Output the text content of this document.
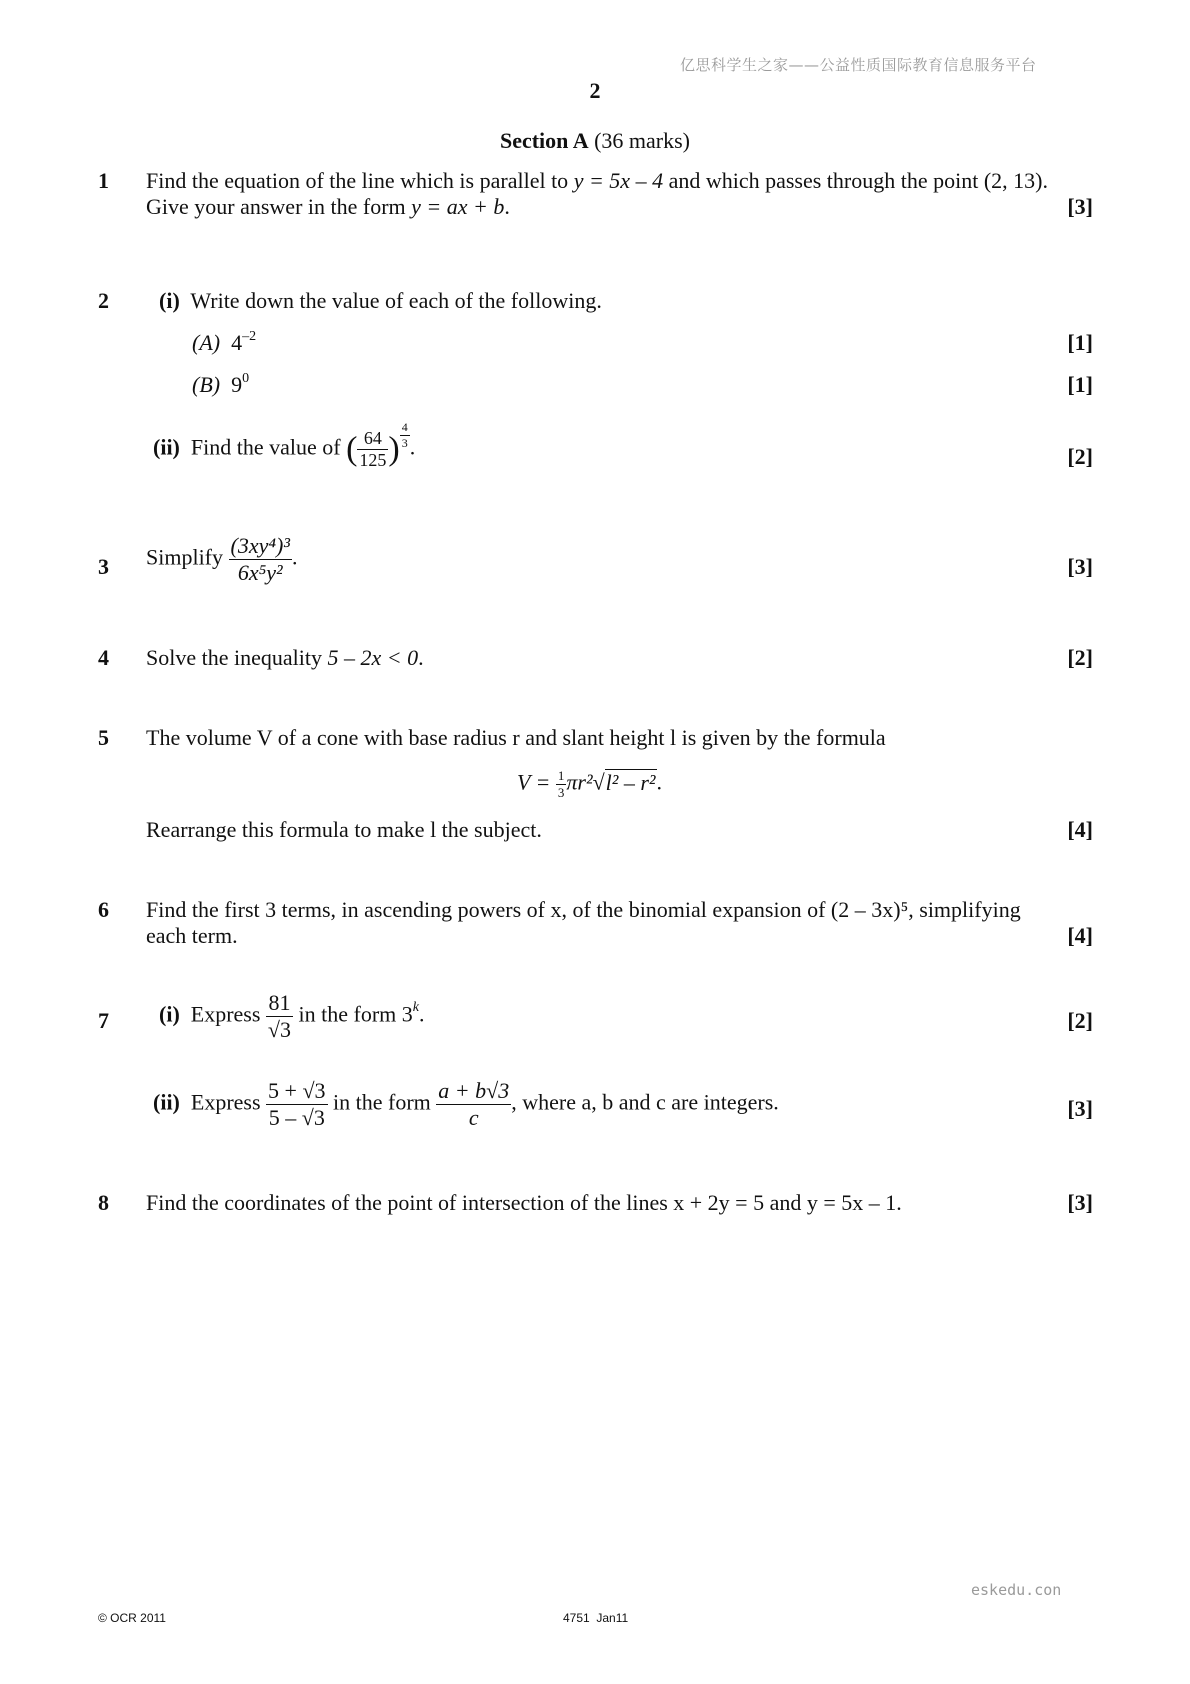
亿思科学生之家——公益性质国际教育信息服务平台
2
Section A (36 marks)
1 Find the equation of the line which is parallel to y = 5x – 4 and which passes through the point (2, 13).
Give your answer in the form y = ax + b.	[3]
2 (i) Write down the value of each of the following.
(A) $4^{-2}$	[1]
(B) $9^0$	[1]
(ii) Find the value of ( $\frac{64}{125}$ ) $\frac{4}{3}$ .	[2]
3 Simplify $\frac{\text{(3xy⁴)³}}{\text{6x⁵y²}}$ .	[3]
4 Solve the inequality 5 – 2x < 0.	[2]
5 The volume V of a cone with base radius r and slant height l is given by the formula
$V = \frac{1}{3} \pi r^2√l^2 - r^2$.
Rearrange this formula to make l the subject.	[4]
6 Find the first 3 terms, in ascending powers of x, of the binomial expansion of (2 – 3x)⁵, simplifying
each term.	[4]
7 (i) Express $\frac{81}{√3}$ in the form 3$^k$.	[2]
(ii) Express $\frac{5 + √3}{5 - √3}$ in the form $\frac{a + b√3}{c}$ , where a, b and c are integers.	[3]
8 Find the coordinates of the point of intersection of the lines x + 2y = 5 and y = 5x – 1.	[3]
eskedu.con
© OCR 2011	4751  Jan11
